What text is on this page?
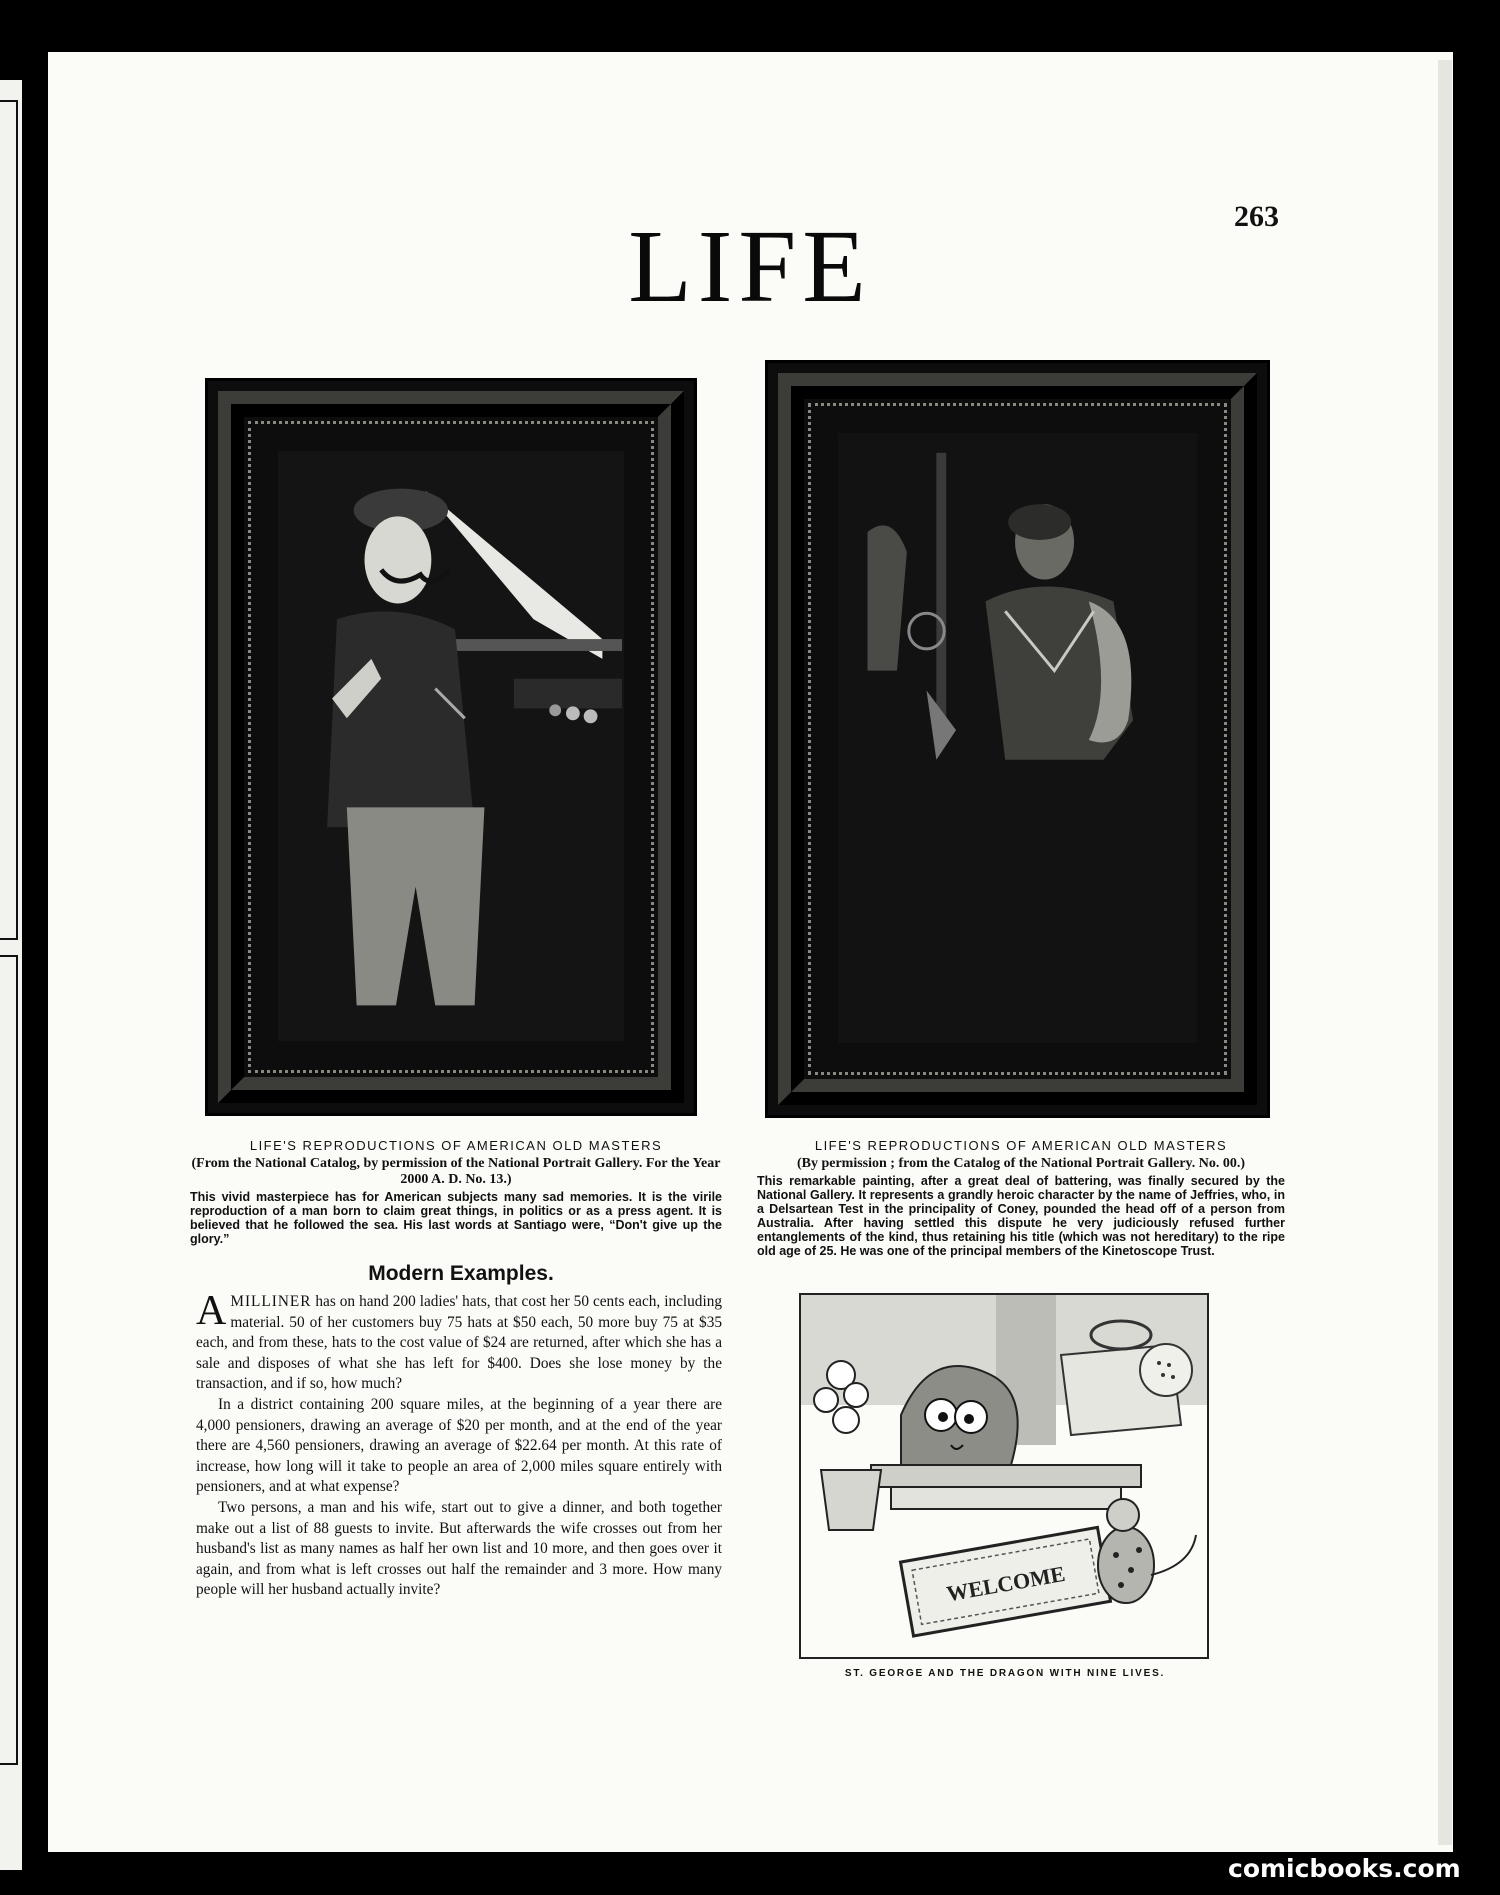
263
LIFE
LIFE'S REPRODUCTIONS OF AMERICAN OLD MASTERS
(From the National Catalog, by permission of the National Portrait Gallery. For the Year 2000 A. D. No. 13.)
This vivid masterpiece has for American subjects many sad memories. It is the virile reproduction of a man born to claim great things, in politics or as a press agent. It is believed that he followed the sea. His last words at Santiago were, “Don't give up the glory.”
LIFE'S REPRODUCTIONS OF AMERICAN OLD MASTERS
(By permission ; from the Catalog of the National Portrait Gallery. No. 00.)
This remarkable painting, after a great deal of battering, was finally secured by the National Gallery. It represents a grandly heroic character by the name of Jeffries, who, in a Delsartean Test in the principality of Coney, pounded the head off of a person from Australia. After having settled this dispute he very judiciously refused further entanglements of the kind, thus retaining his title (which was not hereditary) to the ripe old age of 25. He was one of the principal members of the Kinetoscope Trust.
Modern Examples.

AMILLINER has on hand 200 ladies' hats, that cost her 50 cents each, including material. 50 of her customers buy 75 hats at $50 each, 50 more buy 75 at $35 each, and from these, hats to the cost value of $24 are returned, after which she has a sale and disposes of what she has left for $400. Does she lose money by the transaction, and if so, how much?

In a district containing 200 square miles, at the beginning of a year there are 4,000 pensioners, drawing an average of $20 per month, and at the end of the year there are 4,560 pensioners, drawing an average of $22.64 per month. At this rate of increase, how long will it take to people an area of 2,000 miles square entirely with pensioners, and at what expense?

Two persons, a man and his wife, start out to give a dinner, and both together make out a list of 88 guests to invite. But afterwards the wife crosses out from her husband's list as many names as half her own list and 10 more, and then goes over it again, and from what is left crosses out half the remainder and 3 more. How many people will her husband actually invite?	WELCOME
ST. GEORGE AND THE DRAGON WITH NINE LIVES.
comicbooks.com
